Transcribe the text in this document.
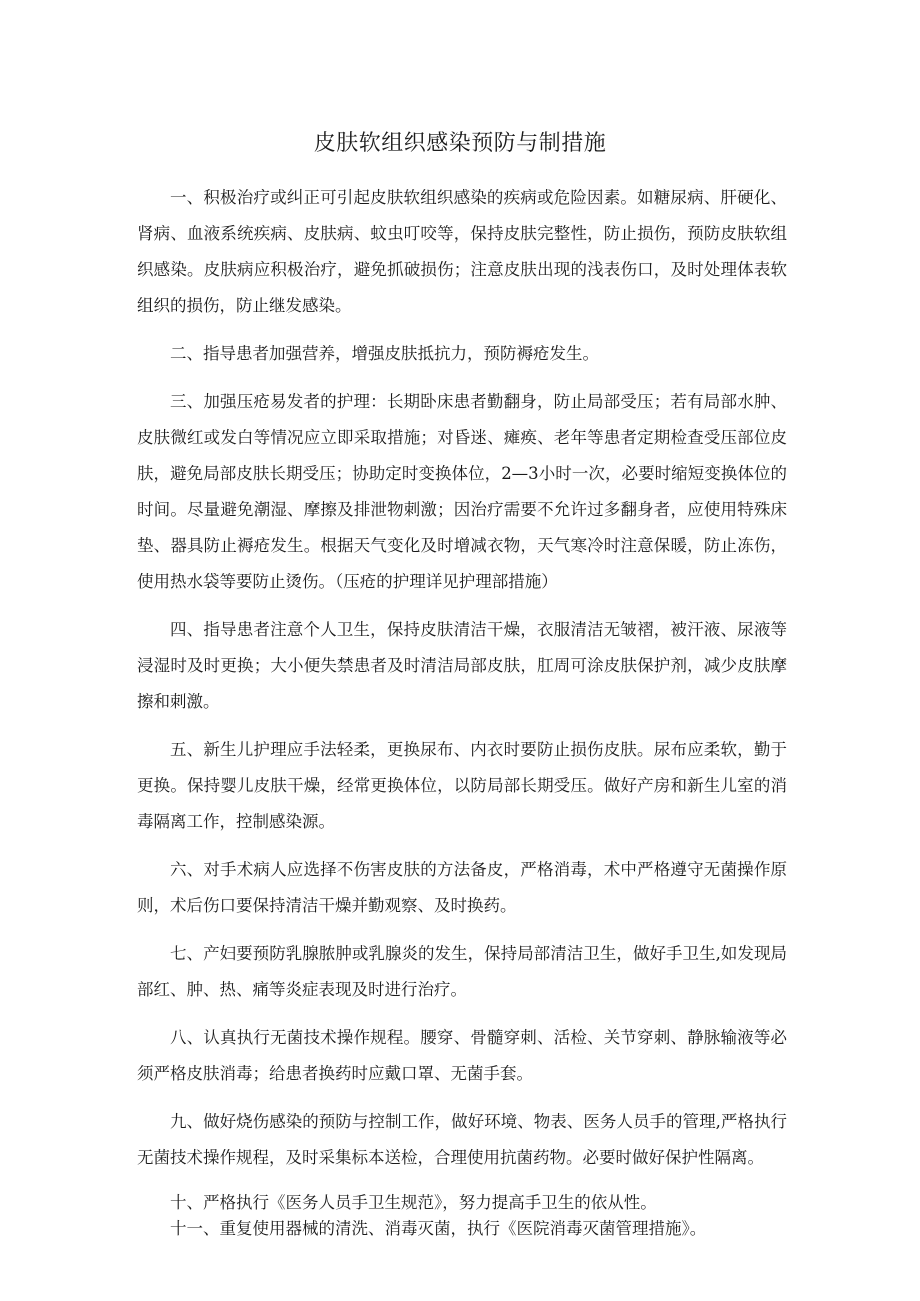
皮肤软组织感染预防与制措施

一、积极治疗或纠正可引起皮肤软组织感染的疾病或危险因素。如糖尿病、肝硬化、肾病、血液系统疾病、皮肤病、蚊虫叮咬等，保持皮肤完整性，防止损伤，预防皮肤软组织感染。皮肤病应积极治疗，避免抓破损伤；注意皮肤出现的浅表伤口，及时处理体表软组织的损伤，防止继发感染。

二、指导患者加强营养，增强皮肤抵抗力，预防褥疮发生。

三、加强压疮易发者的护理：长期卧床患者勤翻身，防止局部受压；若有局部水肿、皮肤微红或发白等情况应立即采取措施；对昏迷、瘫痪、老年等患者定期检查受压部位皮肤，避免局部皮肤长期受压；协助定时变换体位，2—3小时一次，必要时缩短变换体位的时间。尽量避免潮湿、摩擦及排泄物刺激；因治疗需要不允许过多翻身者，应使用特殊床垫、器具防止褥疮发生。根据天气变化及时增减衣物，天气寒冷时注意保暖，防止冻伤，使用热水袋等要防止烫伤。（压疮的护理详见护理部措施）

四、指导患者注意个人卫生，保持皮肤清洁干燥，衣服清洁无皱褶，被汗液、尿液等浸湿时及时更换；大小便失禁患者及时清洁局部皮肤，肛周可涂皮肤保护剂，减少皮肤摩擦和刺激。

五、新生儿护理应手法轻柔，更换尿布、内衣时要防止损伤皮肤。尿布应柔软，勤于更换。保持婴儿皮肤干燥，经常更换体位，以防局部长期受压。做好产房和新生儿室的消毒隔离工作，控制感染源。

六、对手术病人应选择不伤害皮肤的方法备皮，严格消毒，术中严格遵守无菌操作原则，术后伤口要保持清洁干燥并勤观察、及时换药。

七、产妇要预防乳腺脓肿或乳腺炎的发生，保持局部清洁卫生，做好手卫生,如发现局部红、肿、热、痛等炎症表现及时进行治疗。

八、认真执行无菌技术操作规程。腰穿、骨髓穿刺、活检、关节穿刺、静脉输液等必须严格皮肤消毒；给患者换药时应戴口罩、无菌手套。

九、做好烧伤感染的预防与控制工作，做好环境、物表、医务人员手的管理,严格执行无菌技术操作规程，及时采集标本送检，合理使用抗菌药物。必要时做好保护性隔离。

十、严格执行《医务人员手卫生规范》，努力提高手卫生的依从性。

十一、重复使用器械的清洗、消毒灭菌，执行《医院消毒灭菌管理措施》。
